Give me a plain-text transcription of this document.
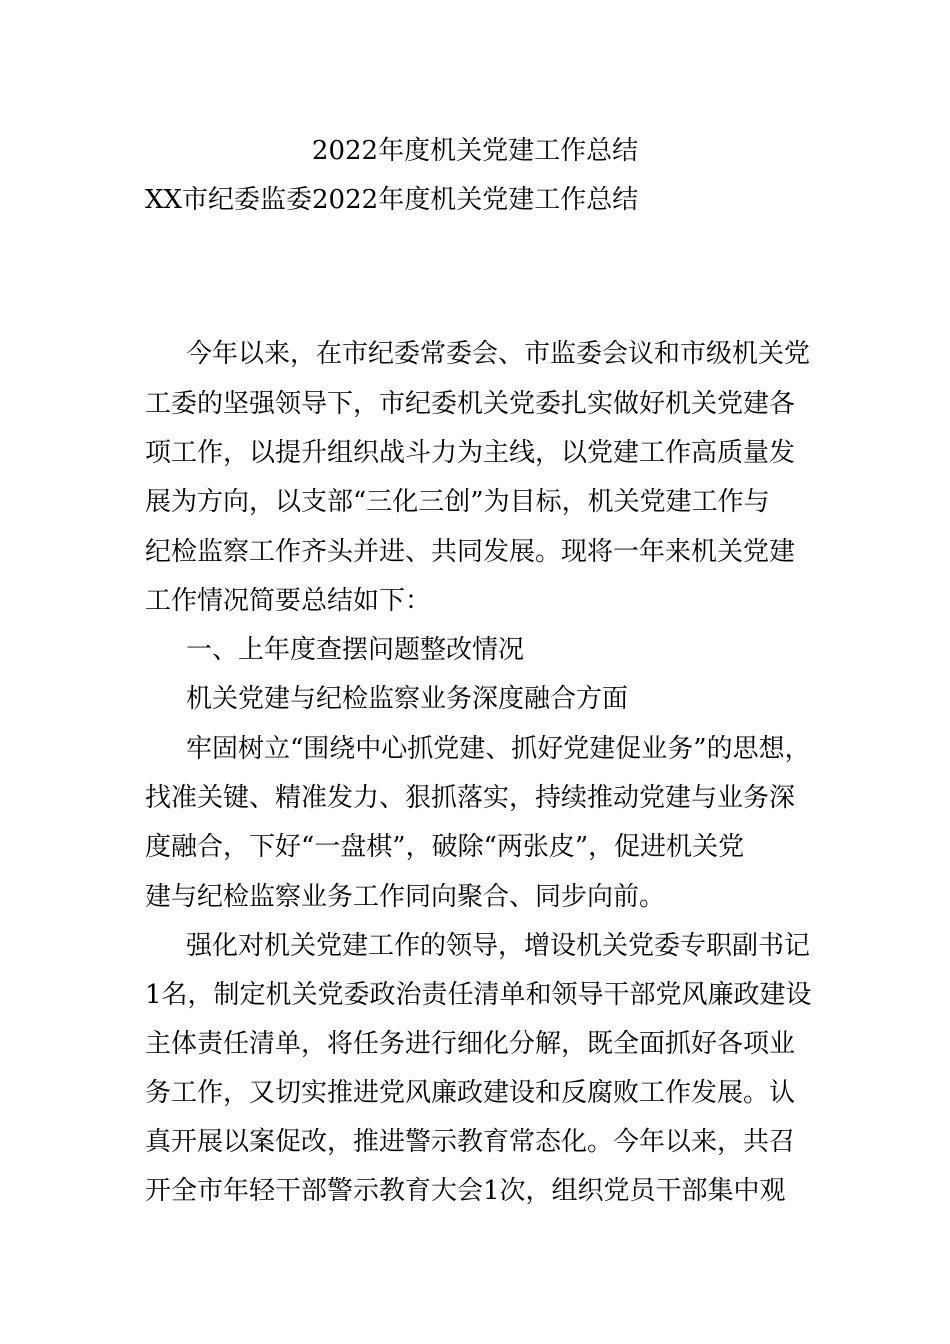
2022年度机关党建工作总结
XX市纪委监委2022年度机关党建工作总结
今年以来，在市纪委常委会、市监委会议和市级机关党
工委的坚强领导下，市纪委机关党委扎实做好机关党建各
项工作，以提升组织战斗力为主线，以党建工作高质量发
展为方向，以支部“三化三创”为目标，机关党建工作与
纪检监察工作齐头并进、共同发展。现将一年来机关党建
工作情况简要总结如下：
一、上年度查摆问题整改情况
机关党建与纪检监察业务深度融合方面
牢固树立“围绕中心抓党建、抓好党建促业务”的思想，
找准关键、精准发力、狠抓落实，持续推动党建与业务深
度融合，下好“一盘棋”，破除“两张皮”，促进机关党
建与纪检监察业务工作同向聚合、同步向前。
强化对机关党建工作的领导，增设机关党委专职副书记
1名，制定机关党委政治责任清单和领导干部党风廉政建设
主体责任清单，将任务进行细化分解，既全面抓好各项业
务工作，又切实推进党风廉政建设和反腐败工作发展。认
真开展以案促改，推进警示教育常态化。今年以来，共召
开全市年轻干部警示教育大会1次，组织党员干部集中观
